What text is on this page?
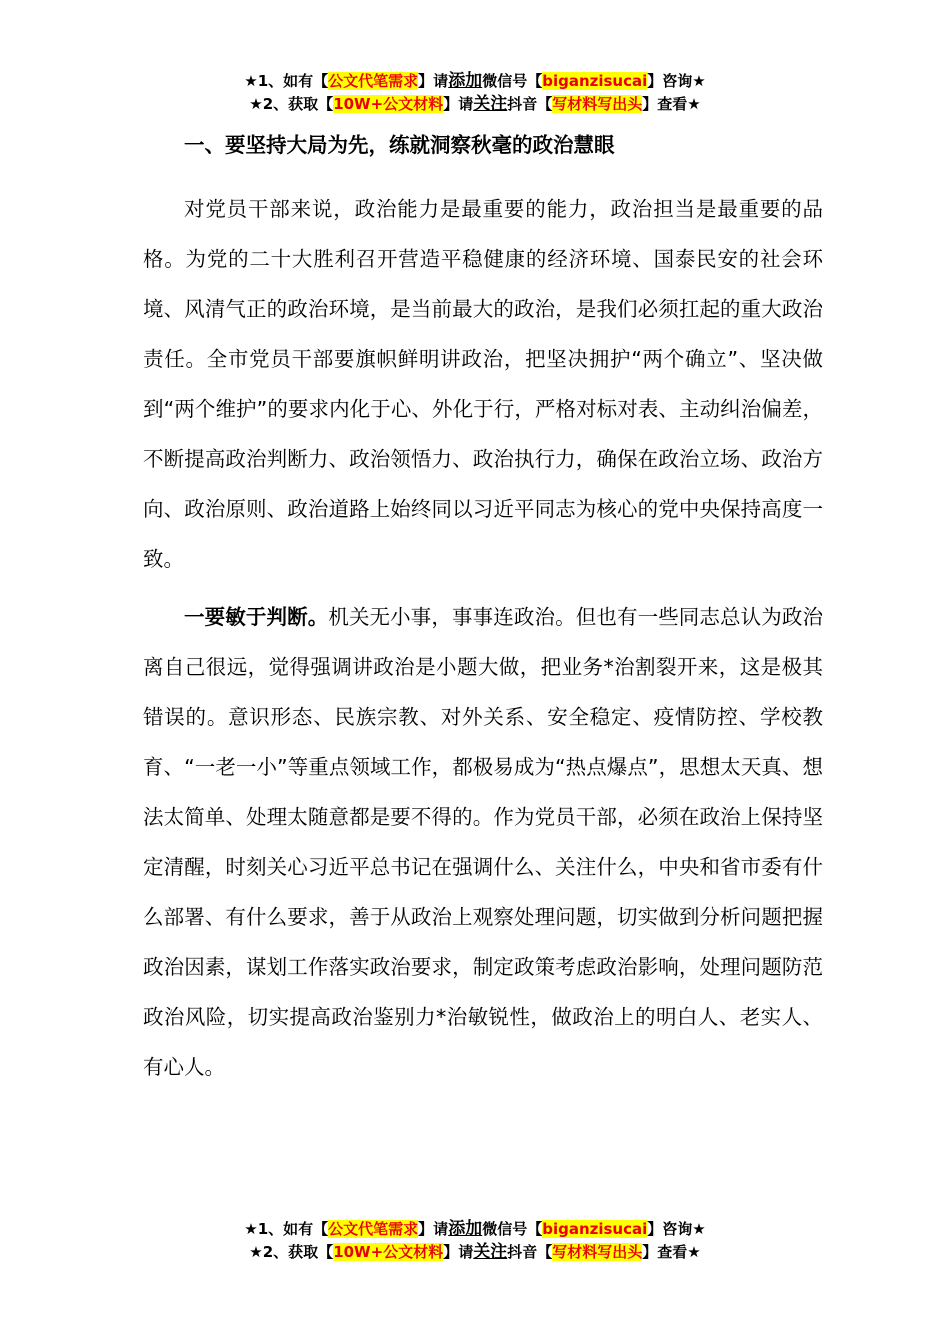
★1、如有【公文代笔需求】请添加微信号【biganzisucai】咨询★
★2、获取【10W+公文材料】请关注抖音【写材料写出头】查看★
一、要坚持大局为先，练就洞察秋毫的政治慧眼

对党员干部来说，政治能力是最重要的能力，政治担当是最重要的品格。为党的二十大胜利召开营造平稳健康的经济环境、国泰民安的社会环境、风清气正的政治环境，是当前最大的政治，是我们必须扛起的重大政治责任。全市党员干部要旗帜鲜明讲政治，把坚决拥护“两个确立”、坚决做到“两个维护”的要求内化于心、外化于行，严格对标对表、主动纠治偏差，不断提高政治判断力、政治领悟力、政治执行力，确保在政治立场、政治方向、政治原则、政治道路上始终同以习近平同志为核心的党中央保持高度一致。

一要敏于判断。机关无小事，事事连政治。但也有一些同志总认为政治离自己很远，觉得强调讲政治是小题大做，把业务*治割裂开来，这是极其错误的。意识形态、民族宗教、对外关系、安全稳定、疫情防控、学校教育、“一老一小”等重点领域工作，都极易成为“热点爆点”，思想太天真、想法太简单、处理太随意都是要不得的。作为党员干部，必须在政治上保持坚定清醒，时刻关心习近平总书记在强调什么、关注什么，中央和省市委有什么部署、有什么要求，善于从政治上观察处理问题，切实做到分析问题把握政治因素，谋划工作落实政治要求，制定政策考虑政治影响，处理问题防范政治风险，切实提高政治鉴别力*治敏锐性，做政治上的明白人、老实人、有心人。

★1、如有【公文代笔需求】请添加微信号【biganzisucai】咨询★
★2、获取【10W+公文材料】请关注抖音【写材料写出头】查看★
